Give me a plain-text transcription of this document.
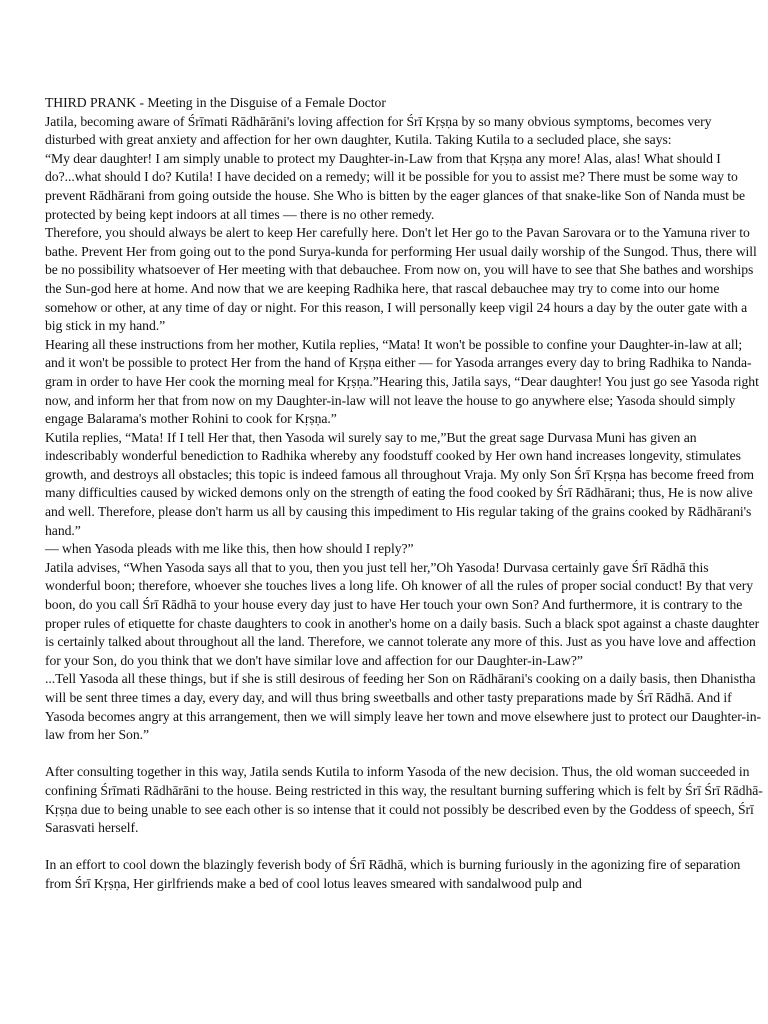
THIRD PRANK - Meeting in the Disguise of a Female Doctor

Jatila, becoming aware of Śrīmati Rādhārāni's loving affection for Śrī Kṛṣṇa by so many obvious symptoms, becomes very disturbed with great anxiety and affection for her own daughter, Kutila. Taking Kutila to a secluded place, she says:

“My dear daughter! I am simply unable to protect my Daughter-in-Law from that Kṛṣṇa any more! Alas, alas! What should I do?...what should I do? Kutila! I have decided on a remedy; will it be possible for you to assist me? There must be some way to prevent Rādhārani from going outside the house. She Who is bitten by the eager glances of that snake-like Son of Nanda must be protected by being kept indoors at all times — there is no other remedy.

Therefore, you should always be alert to keep Her carefully here. Don't let Her go to the Pavan Sarovara or to the Yamuna river to bathe. Prevent Her from going out to the pond Surya-kunda for performing Her usual daily worship of the Sungod. Thus, there will be no possibility whatsoever of Her meeting with that debauchee. From now on, you will have to see that She bathes and worships the Sun-god here at home. And now that we are keeping Radhika here, that rascal debauchee may try to come into our home somehow or other, at any time of day or night. For this reason, I will personally keep vigil 24 hours a day by the outer gate with a big stick in my hand.”

Hearing all these instructions from her mother, Kutila replies, “Mata! It won't be possible to confine your Daughter-in-law at all; and it won't be possible to protect Her from the hand of Kṛṣṇa either — for Yasoda arranges every day to bring Radhika to Nanda-gram in order to have Her cook the morning meal for Kṛṣṇa.”Hearing this, Jatila says, “Dear daughter! You just go see Yasoda right now, and inform her that from now on my Daughter-in-law will not leave the house to go anywhere else; Yasoda should simply engage Balarama's mother Rohini to cook for Kṛṣṇa.”

Kutila replies, “Mata! If I tell Her that, then Yasoda wil surely say to me,”But the great sage Durvasa Muni has given an indescribably wonderful benediction to Radhika whereby any foodstuff cooked by Her own hand increases longevity, stimulates growth, and destroys all obstacles; this topic is indeed famous all throughout Vraja. My only Son Śrī Kṛṣṇa has become freed from many difficulties caused by wicked demons only on the strength of eating the food cooked by Śrī Rādhārani; thus, He is now alive and well. Therefore, please don't harm us all by causing this impediment to His regular taking of the grains cooked by Rādhārani's hand.”

— when Yasoda pleads with me like this, then how should I reply?”

Jatila advises, “When Yasoda says all that to you, then you just tell her,”Oh Yasoda! Durvasa certainly gave Śrī Rādhā this wonderful boon; therefore, whoever she touches lives a long life. Oh knower of all the rules of proper social conduct! By that very boon, do you call Śrī Rādhā to your house every day just to have Her touch your own Son? And furthermore, it is contrary to the proper rules of etiquette for chaste daughters to cook in another's home on a daily basis. Such a black spot against a chaste daughter is certainly talked about throughout all the land. Therefore, we cannot tolerate any more of this. Just as you have love and affection for your Son, do you think that we don't have similar love and affection for our Daughter-in-Law?”

...Tell Yasoda all these things, but if she is still desirous of feeding her Son on Rādhārani's cooking on a daily basis, then Dhanistha will be sent three times a day, every day, and will thus bring sweetballs and other tasty preparations made by Śrī Rādhā. And if Yasoda becomes angry at this arrangement, then we will simply leave her town and move elsewhere just to protect our Daughter-in-law from her Son.”

After consulting together in this way, Jatila sends Kutila to inform Yasoda of the new decision. Thus, the old woman succeeded in confining Śrīmati Rādhārāni to the house. Being restricted in this way, the resultant burning suffering which is felt by Śrī Śrī Rādhā-Kṛṣṇa due to being unable to see each other is so intense that it could not possibly be described even by the Goddess of speech, Śrī Sarasvati herself.

In an effort to cool down the blazingly feverish body of Śrī Rādhā, which is burning furiously in the agonizing fire of separation from Śrī Kṛṣṇa, Her girlfriends make a bed of cool lotus leaves smeared with sandalwood pulp and
